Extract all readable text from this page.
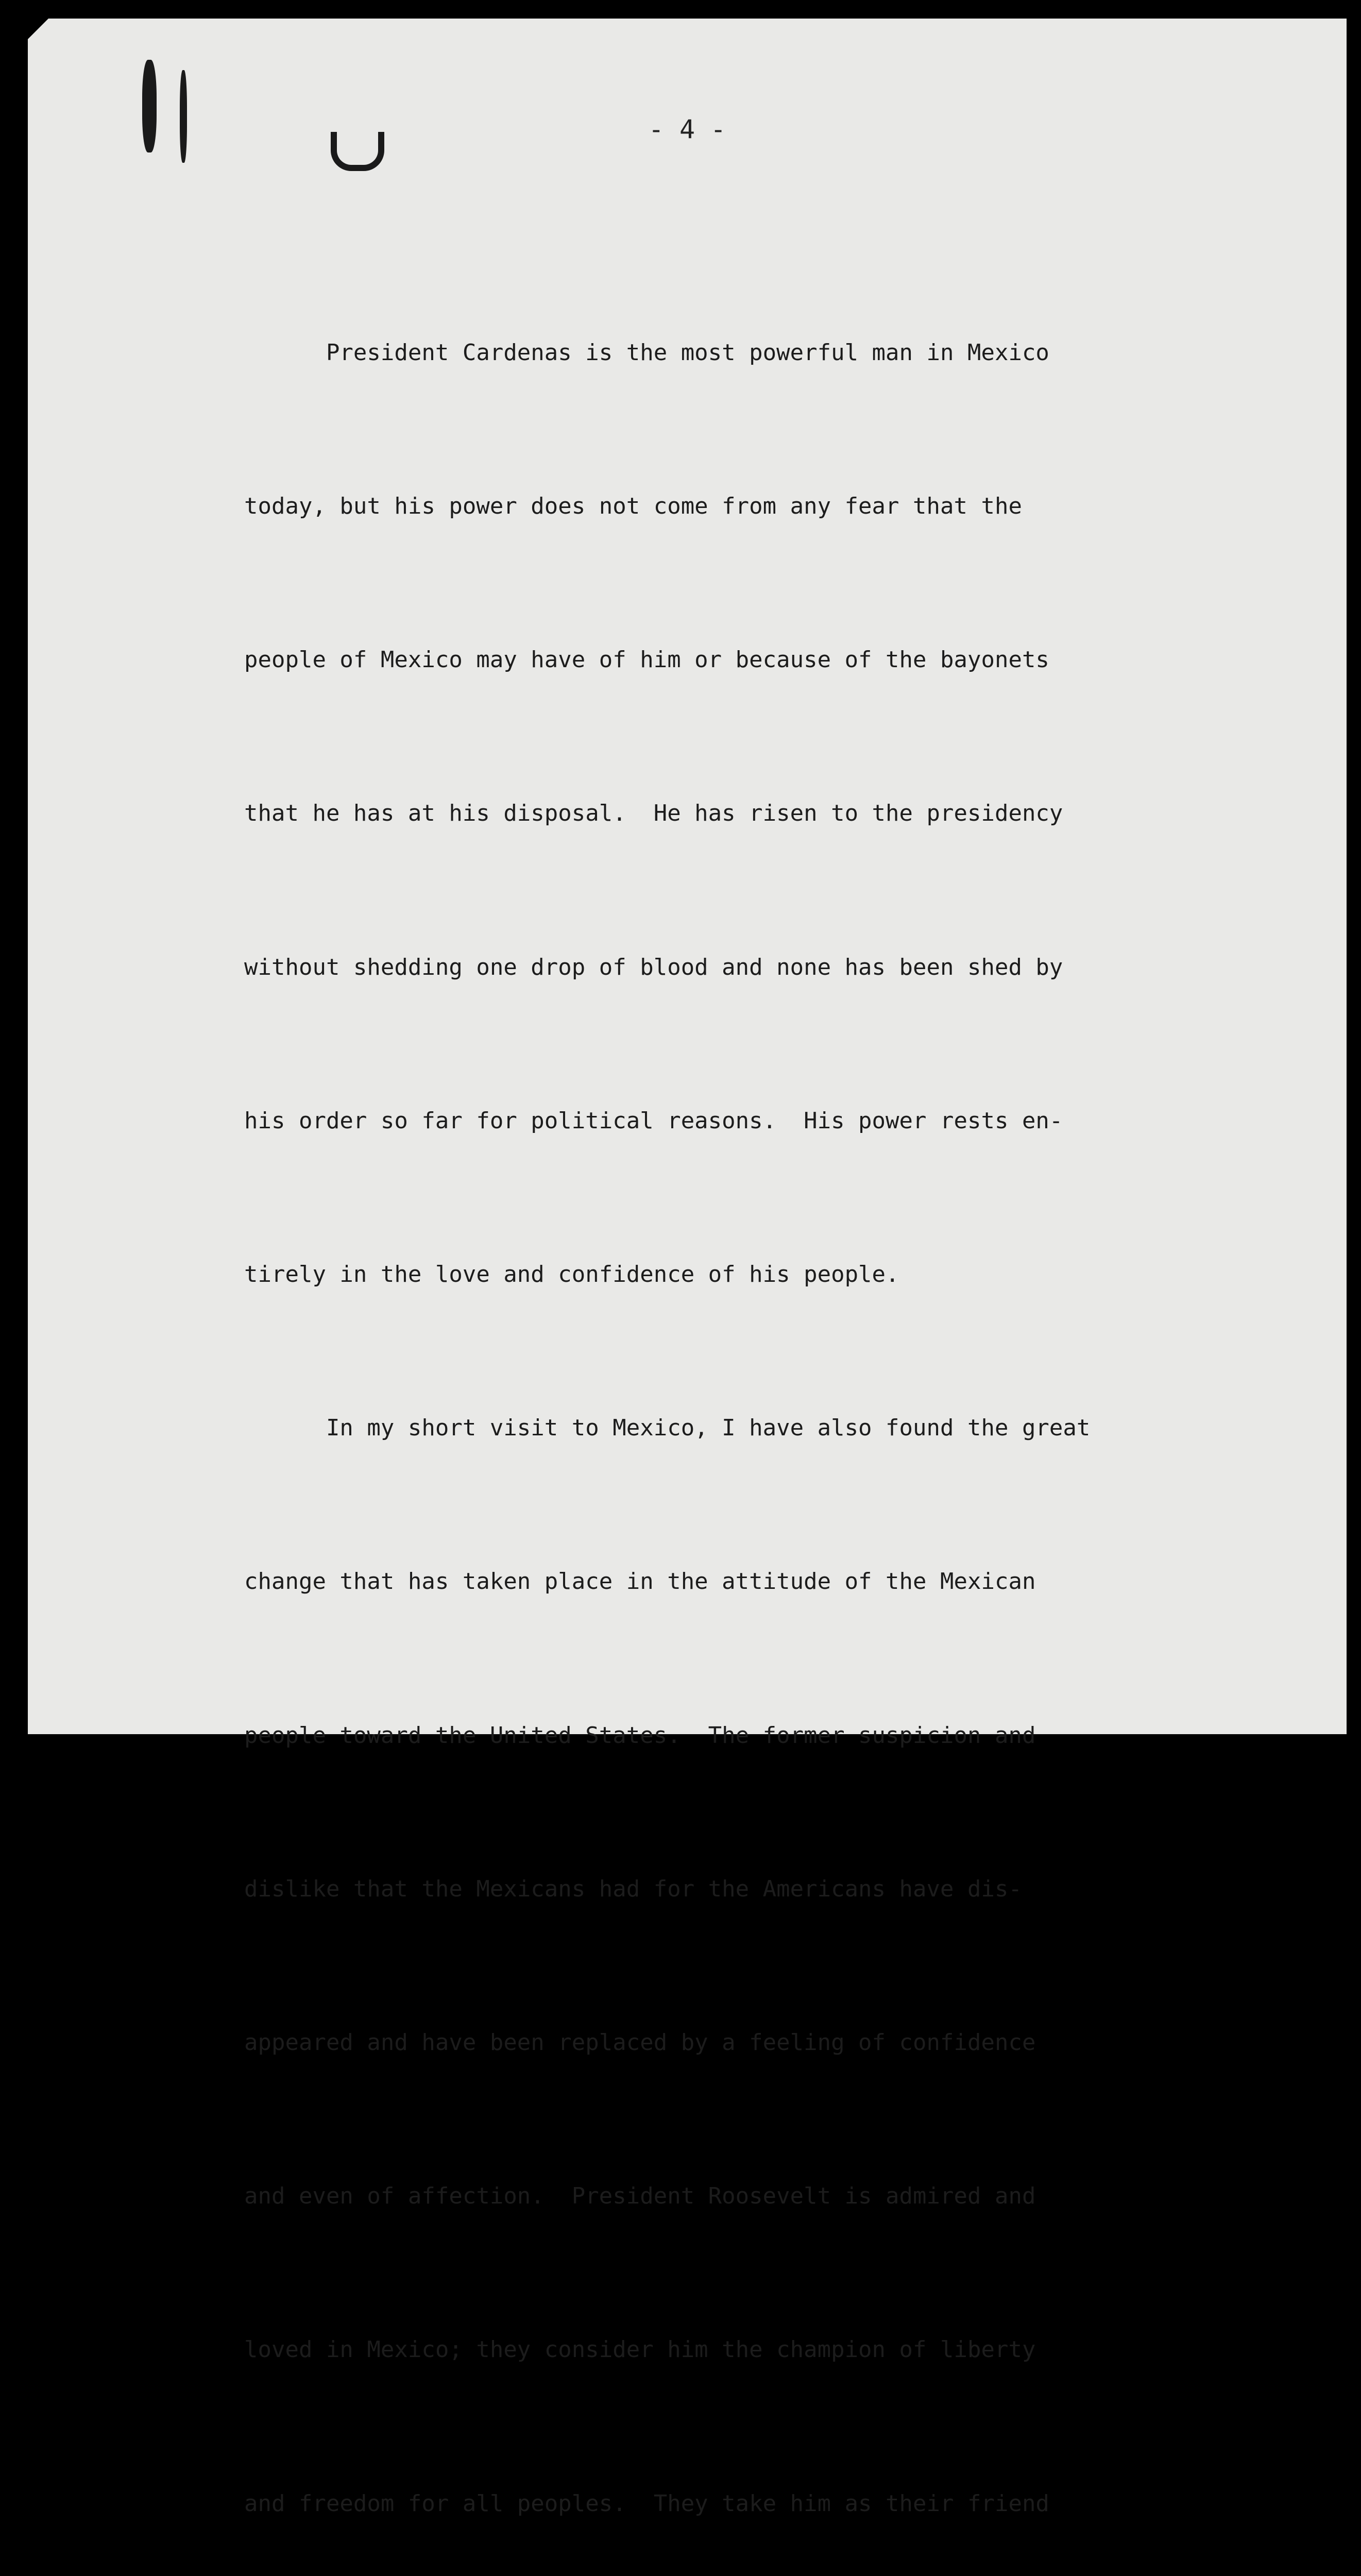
- 4 -

President Cardenas is the most powerful man in Mexico

today, but his power does not come from any fear that the

people of Mexico may have of him or because of the bayonets

that he has at his disposal.  He has risen to the presidency

without shedding one drop of blood and none has been shed by

his order so far for political reasons.  His power rests en-

tirely in the love and confidence of his people.

In my short visit to Mexico, I have also found the great

change that has taken place in the attitude of the Mexican

people toward the United States.  The former suspicion and

dislike that the Mexicans had for the Americans have dis-

appeared and have been replaced by a feeling of confidence

and even of affection.  President Roosevelt is admired and

loved in Mexico; they consider him the champion of liberty

and freedom for all peoples.  They take him as their friend
